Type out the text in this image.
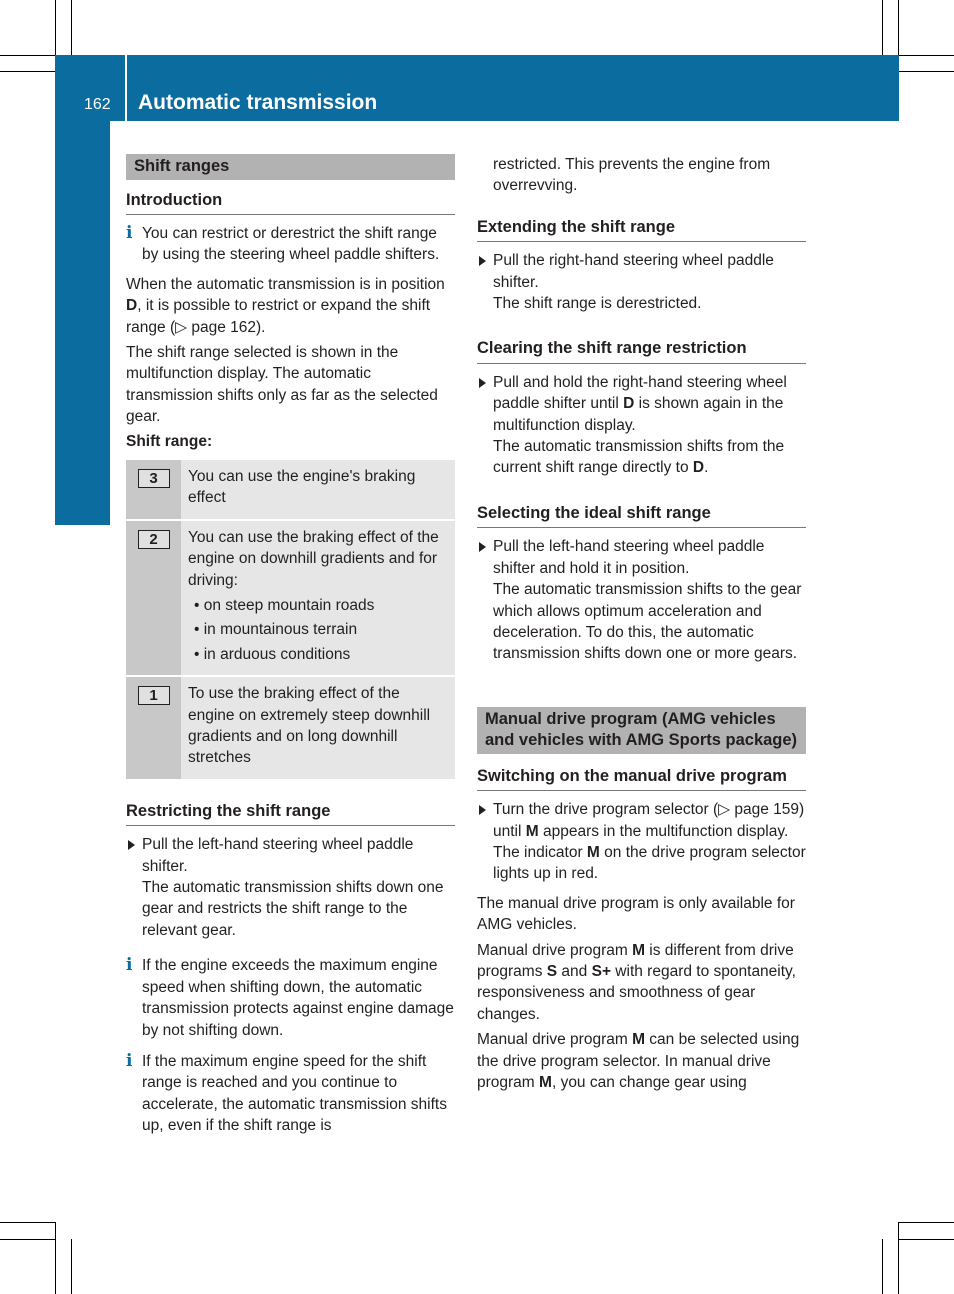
162 Automatic transmission
Driving and parking
Shift ranges
Introduction
i You can restrict or derestrict the shift range by using the steering wheel paddle shifters.

When the automatic transmission is in position D, it is possible to restrict or expand the shift range (▷ page 162).

The shift range selected is shown in the multifunction display. The automatic transmission shifts only as far as the selected gear.

Shift range:

3	You can use the engine's braking effect
2	You can use the braking effect of the engine on downhill gradients and for driving:
• on steep mountain roads
• in mountainous terrain
• in arduous conditions

1	To use the braking effect of the engine on extremely steep downhill gradients and on long downhill stretches
Restricting the shift range

Pull the left-hand steering wheel paddle shifter.

The automatic transmission shifts down one gear and restricts the shift range to the relevant gear.

i If the engine exceeds the maximum engine speed when shifting down, the automatic transmission protects against engine damage by not shifting down.

i If the maximum engine speed for the shift range is reached and you continue to accelerate, the automatic transmission shifts up, even if the shift range is

restricted. This prevents the engine from overrevving.

Extending the shift range

Pull the right-hand steering wheel paddle shifter.

The shift range is derestricted.

Clearing the shift range restriction

Pull and hold the right-hand steering wheel paddle shifter until D is shown again in the multifunction display.

The automatic transmission shifts from the current shift range directly to D.

Selecting the ideal shift range

Pull the left-hand steering wheel paddle shifter and hold it in position.

The automatic transmission shifts to the gear which allows optimum acceleration and deceleration. To do this, the automatic transmission shifts down one or more gears.

Manual drive program (AMG vehicles and vehicles with AMG Sports package)
Switching on the manual drive program

Turn the drive program selector (▷ page 159) until M appears in the multifunction display.

The indicator M on the drive program selector lights up in red.

The manual drive program is only available for AMG vehicles.

Manual drive program M is different from drive programs S and S+ with regard to spontaneity, responsiveness and smoothness of gear changes.

Manual drive program M can be selected using the drive program selector. In manual drive program M, you can change gear using
